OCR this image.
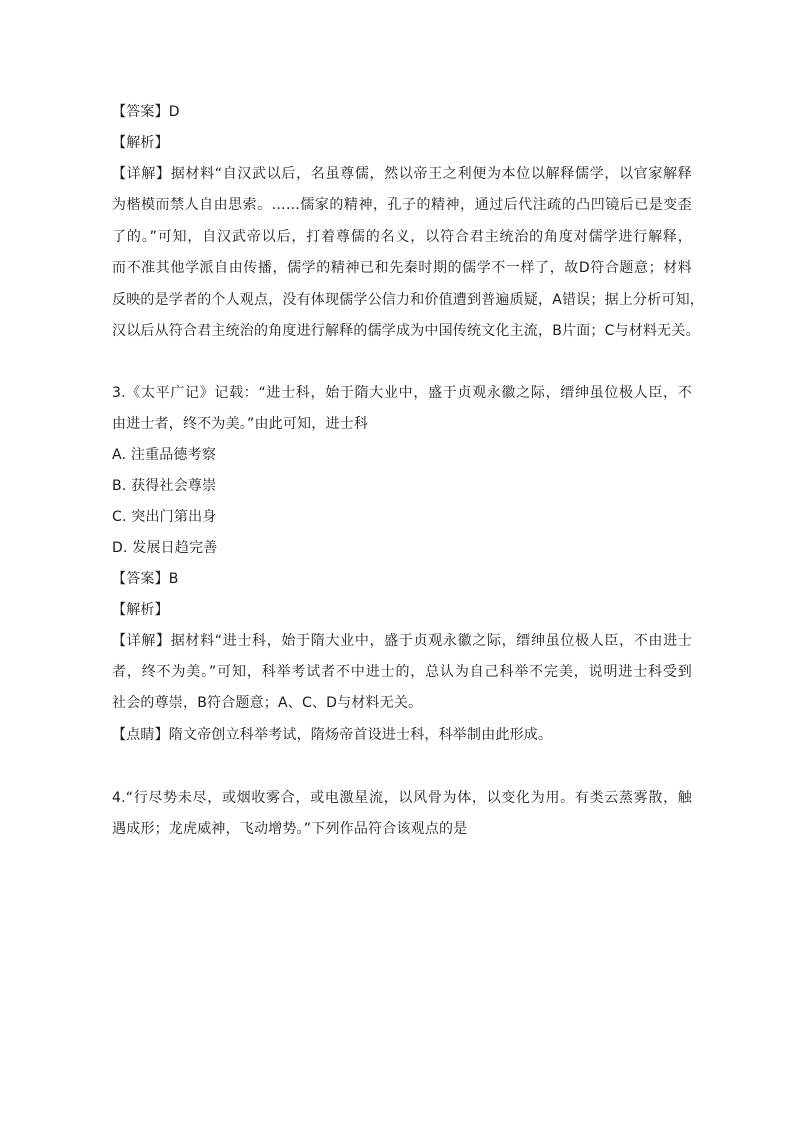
【答案】D
【解析】
【详解】据材料“自汉武以后，名虽尊儒，然以帝王之利便为本位以解释儒学，以官家解释
为楷模而禁人自由思索。……儒家的精神，孔子的精神，通过后代注疏的凸凹镜后已是变歪
了的。”可知，自汉武帝以后，打着尊儒的名义，以符合君主统治的角度对儒学进行解释，
而不准其他学派自由传播，儒学的精神已和先秦时期的儒学不一样了，故D符合题意；材料
反映的是学者的个人观点，没有体现儒学公信力和价值遭到普遍质疑，A错误；据上分析可知，
汉以后从符合君主统治的角度进行解释的儒学成为中国传统文化主流，B片面；C与材料无关。
3.《太平广记》记载：“进士科，始于隋大业中，盛于贞观永徽之际，缙绅虽位极人臣，不
由进士者，终不为美。”由此可知，进士科
A. 注重品德考察
B. 获得社会尊崇
C. 突出门第出身
D. 发展日趋完善
【答案】B
【解析】
【详解】据材料“进士科，始于隋大业中，盛于贞观永徽之际，缙绅虽位极人臣，不由进士
者，终不为美。”可知，科举考试者不中进士的，总认为自己科举不完美，说明进士科受到
社会的尊崇，B符合题意；A、C、D与材料无关。
【点睛】隋文帝创立科举考试，隋炀帝首设进士科，科举制由此形成。
4.“行尽势未尽，或烟收雾合，或电激星流，以风骨为体，以变化为用。有类云蒸雾散，触
遇成形；龙虎威神，飞动增势。”下列作品符合该观点的是
